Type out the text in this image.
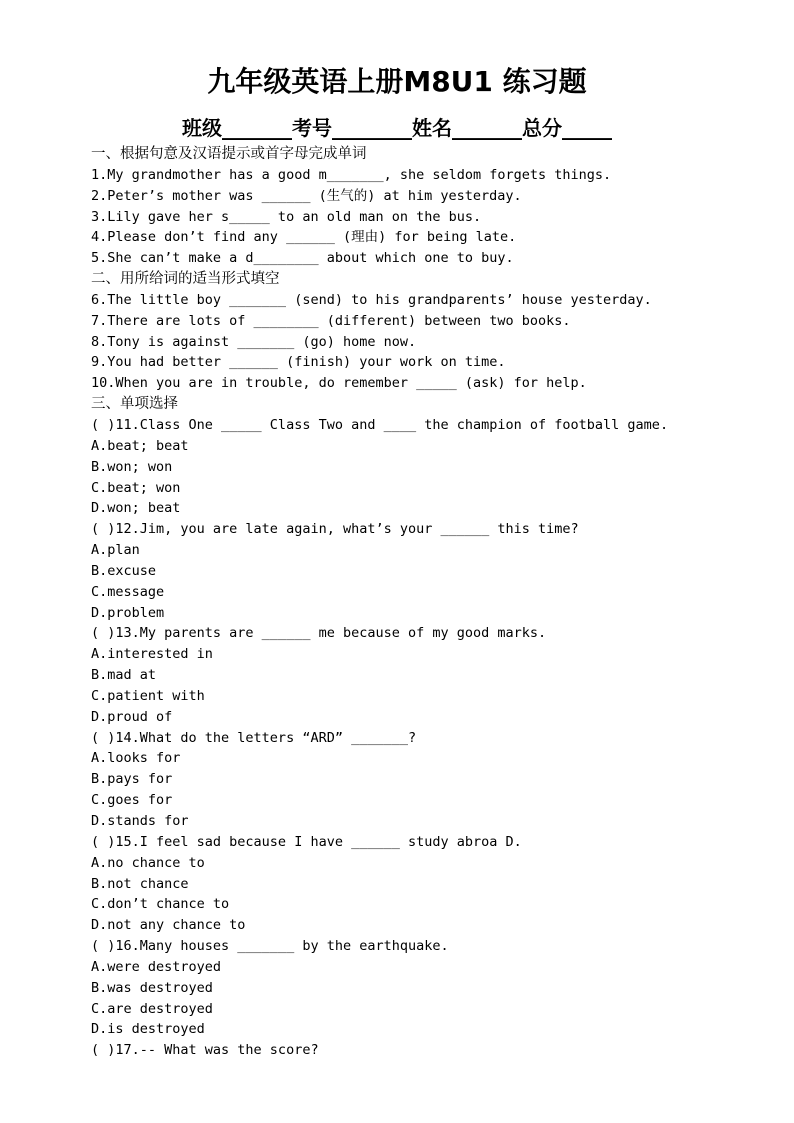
九年级英语上册M8U1 练习题
班级_______考号________姓名_______总分_____
一、根据句意及汉语提示或首字母完成单词
1.My grandmother has a good m_______, she seldom forgets things.
2.Peter’s mother was ______ (生气的) at him yesterday.
3.Lily gave her s_____ to an old man on the bus.
4.Please don’t find any ______ (理由) for being late.
5.She can’t make a d________ about which one to buy.
二、用所给词的适当形式填空
6.The little boy _______ (send) to his grandparents’ house yesterday.
7.There are lots of ________ (different) between two books.
8.Tony is against _______ (go) home now.
9.You had better ______ (finish) your work on time.
10.When you are in trouble, do remember _____ (ask) for help.
三、单项选择
( )11.Class One _____ Class Two and ____ the champion of football game.
A.beat; beat
B.won; won
C.beat; won
D.won; beat
( )12.Jim, you are late again, what’s your ______ this time?
A.plan
B.excuse
C.message
D.problem
( )13.My parents are ______ me because of my good marks.
A.interested in
B.mad at
C.patient with
D.proud of
( )14.What do the letters “ARD” _______?
A.looks for
B.pays for
C.goes for
D.stands for
( )15.I feel sad because I have ______ study abroa D.
A.no chance to
B.not chance
C.don’t chance to
D.not any chance to
( )16.Many houses _______ by the earthquake.
A.were destroyed
B.was destroyed
C.are destroyed
D.is destroyed
( )17.-- What was the score?
